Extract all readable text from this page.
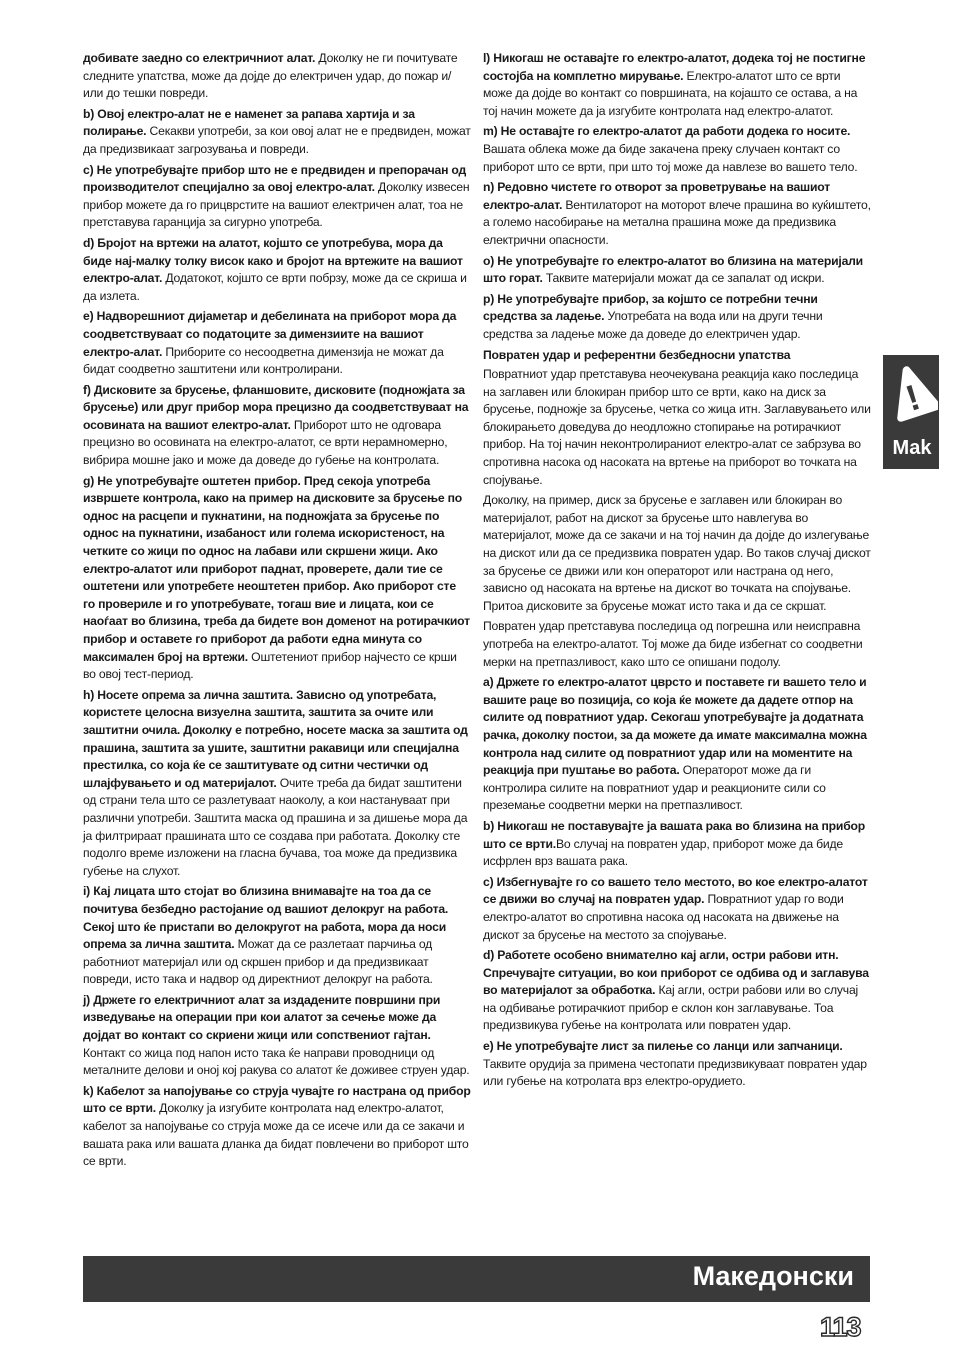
добивате заедно со електричниот алат. Доколку не ги почитувате следните упатства, може да дојде до електричен удар, до пожар и/или до тешки повреди.

b) Овој електро-алат не е наменет за рапава хартија и за полирање. Секакви употреби, за кои овој алат не е предвиден, можат да предизвикаат загрозувања и повреди.

c) Не употребувајте прибор што не е предвиден и препорачан од производителот специјално за овој електро-алат. Доколку извесен прибор можете да го прицврстите на вашиот електричен алат, тоа не претставува гаранција за сигурно употреба.

d) Бројот на вртежи на алатот, којшто се употребува, мора да биде нај-малку толку висок како и бројот на вртежите на вашиот електро-алат. Додатокот, којштo се врти побрзу, може да се скриша и да излета.

e) Надворешниот дијаметар и дебелината на приборот мора да соодветствуваат со податоците за димензиите на вашиот електро-алат. Приборите со несоодветна димензија не можат да бидат соодветно заштитени или контролирани.

f) Дисковите за брусење, фланшовите, дисковите (подножјата за брусење) или друг прибор мора прецизно да соодветствуваат на осовината на вашиот електро-алат. Приборот што не одговара прецизно во осовината на електро-алатот, се врти нерамномерно, вибрира мошне јако и може да доведе до губење на контролата.

g) Не употребувајте оштетен прибор. Пред секоја употреба извршете контрола, како на пример на дисковите за брусење по однос на расцепи и пукнатини, на подножјата за брусење по однос на пукнатини, изабаност или голема искористеност, на четките со жици по однос на лабави или скршени жици. Ако електро-алатот или приборот паднат, проверете, дали тие се оштетени или употребете неоштетен прибор. Ако приборот сте го провериле и го употребувате, тогаш вие и лицата, кои се наоѓаат во близина, треба да бидете вон доменот на ротирачкиот прибор и оставете го приборот да работи една минута со максимален број на вртежи. Оштетениот прибор најчесто се крши во овој тест-период.

h) Носете опрема за лична заштита. Зависно од употребата, користете целосна визуелна заштита, заштита за очите или заштитни очила. Доколку е потребно, носете маска за заштита од прашина, заштита за ушите, заштитни ракавици или специјална престилка, со која ќе се заштитувате од ситни честички од шлајфувањето и од материјалот. Очите треба да бидат заштитени од страни тела што се разлетуваат наоколу, а кои настануваат при различни употреби. Заштита маска од прашина и за дишење мора да ја филтрираат прашината што се создава при работата. Доколку сте подолго време изложени на гласна бучава, тоа може да предизвика губење на слухот.

i) Кај лицата што стојат во близина внимавајте на тоа да се почитува безбедно растојание од вашиот делокруг на работа. Секој што ќе пристапи во делокругот на работа, мора да носи опрема за лична заштита. Можат да се разлетаат парчиња од работниот материјал или од скршен прибор и да предизвикаат повреди, исто така и надвор од директниот делокруг на работа.

j) Држете го електричниот алат за издадените површини при изведување на операции при кои алатот за сечење може да дојдат во контакт со скриени жици или сопствениот гајтан. Контакт со жица под напон исто така ќе направи проводници од металните делови и оној кој ракува со алатот ќе доживее струен удар.

k) Кабелот за напојување со струја чувајте го настрана од прибор што се врти. Доколку ја изгубите контролата над електро-алатот, кабелот за напојување со струја може да се исече или да се закачи и вашата рака или вашата дланка да бидат повлечени во приборот што се врти.

l) Никогаш не оставајте го електро-алатот, додека тој не постигне состојба на комплетно мирување. Електро-алатот што се врти може да дојде во контакт со површината, на којашто се остава, а на тој начин можете да ја изгубите контролата над електро-алатот.

m) Не оставајте го електро-алатот да работи додека го носите. Вашата облека може да биде закачена преку случаен контакт со приборот што се врти, при што тој може да навлезе во вашето тело.

n) Редовно чистете го отворот за проветрување на вашиот електро-алат. Вентилаторот на моторот влече прашина во куќиштето, а големо насобирање на метална прашина може да предизвика електрични опасности.

o) Не употребувајте го електро-алатот во близина на материјали што горат. Таквите материјали можат да се запалат од искри.

p) Не употребувајте прибор, за којшто се потребни течни средства за ладење. Употребата на вода или на други течни средства за ладење може да доведе до електричен удар.

Повратен удар и референтни безбедносни упатства

Повратниот удар претставува неочекувана реакција како последица на заглавен или блокиран прибор што се врти, како на диск за брусење, подножје за брусење, четка со жица итн. Заглавувањето или блокирањето доведува до неодложно стопирање на ротирачкиот прибор. На тој начин неконтролираниот електро-алат се забрзува во спротивна насока од насоката на вртење на приборот во точката на спојување.

Доколку, на пример, диск за брусење е заглавен или блокиран во материјалот, работ на дискот за брусење што навлегува во материјалот, може да се закачи и на тој начин да дојде до излегување на дискот или да се предизвика повратен удар. Во таков случај дискот за брусење се движи или кон операторот или настрана од него, зависно од насоката на вртење на дискот во точката на спојување. Притоа дисковите за брусење можат исто така и да се скршат.

Повратен удар претставува последица од погрешна или неисправна употреба на електро-алатот. Тој може да биде избегнат со соодветни мерки на претпазливост, како што се опишани подолу.

a) Држете го електро-алатот цврсто и поставете ги вашето тело и вашите раце во позиција, со која ќе можете да дадете отпор на силите од повратниот удар. Секогаш употребувајте ја додатната рачка, доколку постои, за да можете да имате максимална можна контрола над силите од повратниот удар или на моментите на реакција при пуштање во работа. Операторот може да ги контролира силите на повратниот удар и реакционите сили со преземање соодветни мерки на претпазливост.

b) Никогаш не поставувајте ја вашата рака во близина на прибор што се врти.Во случај на повратен удар, приборот може да биде исфрлен врз вашата рака.

c) Избегнувајте го со вашето тело местото, во кое електро-алатот се движи во случај на повратен удар. Повратниот удар го води електро-алатот во спротивна насока од насоката на движење на дискот за брусење на местото за спојување.

d) Работете особено внимателно кај агли, остри рабови итн. Спречувајте ситуации, во кои приборот се одбива од и заглавува во материјалот за обработка. Кај агли, остри рабови или во случај на одбивање ротирачкиот прибор е склон кон заглавување. Тоа предизвикува губење на контролата или повратен удар.

e) Не употребувајте лист за пилење со ланци или запчаници. Таквите орудија за примена честопати предизвикуваат повратен удар или губење на котролата врз електро-орудието.

!
Mak
Македонски
113
